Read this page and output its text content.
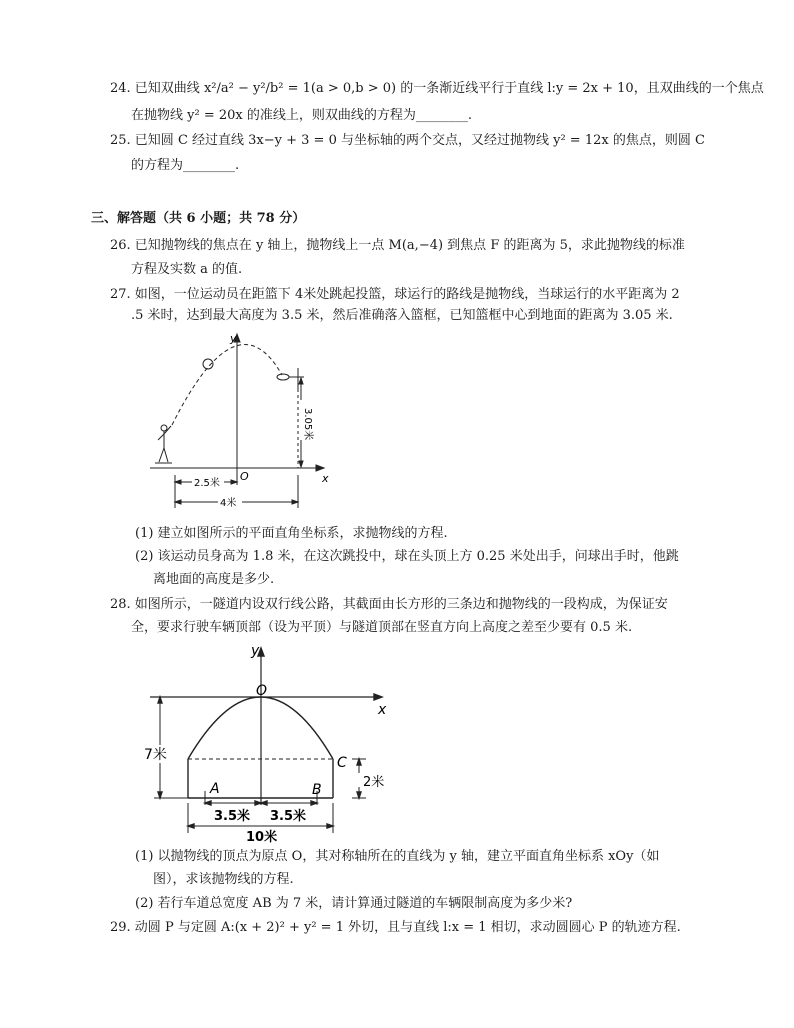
24. 已知双曲线 x²/a² − y²/b² = 1(a > 0,b > 0) 的一条渐近线平行于直线 l:y = 2x + 10，且双曲线的一个焦点
在抛物线 y² = 20x 的准线上，则双曲线的方程为________.
25. 已知圆 C 经过直线 3x−y + 3 = 0 与坐标轴的两个交点，又经过抛物线 y² = 12x 的焦点，则圆 C
的方程为________.
三、解答题（共 6 小题；共 78 分）
26. 已知抛物线的焦点在 y 轴上，抛物线上一点 M(a,−4) 到焦点 F 的距离为 5，求此抛物线的标准
方程及实数 a 的值.
27. 如图，一位运动员在距篮下 4米处跳起投篮，球运行的路线是抛物线，当球运行的水平距离为 2
.5 米时，达到最大高度为 3.5 米，然后准确落入篮框，已知篮框中心到地面的距离为 3.05 米.
y
x
O
3.05米
2.5米
4米
(1) 建立如图所示的平面直角坐标系，求抛物线的方程.
(2) 该运动员身高为 1.8 米，在这次跳投中，球在头顶上方 0.25 米处出手，问球出手时，他跳
离地面的高度是多少.
28. 如图所示，一隧道内设双行线公路，其截面由长方形的三条边和抛物线的一段构成，为保证安
全，要求行驶车辆顶部（设为平顶）与隧道顶部在竖直方向上高度之差至少要有 0.5 米.
y
x
O
7米	C
2米
A	B
3.5米 3.5米
10米
(1) 以抛物线的顶点为原点 O，其对称轴所在的直线为 y 轴，建立平面直角坐标系 xOy（如
图），求该抛物线的方程.
(2) 若行车道总宽度 AB 为 7 米，请计算通过隧道的车辆限制高度为多少米?
29. 动圆 P 与定圆 A:(x + 2)² + y² = 1 外切，且与直线 l:x = 1 相切，求动圆圆心 P 的轨迹方程.
